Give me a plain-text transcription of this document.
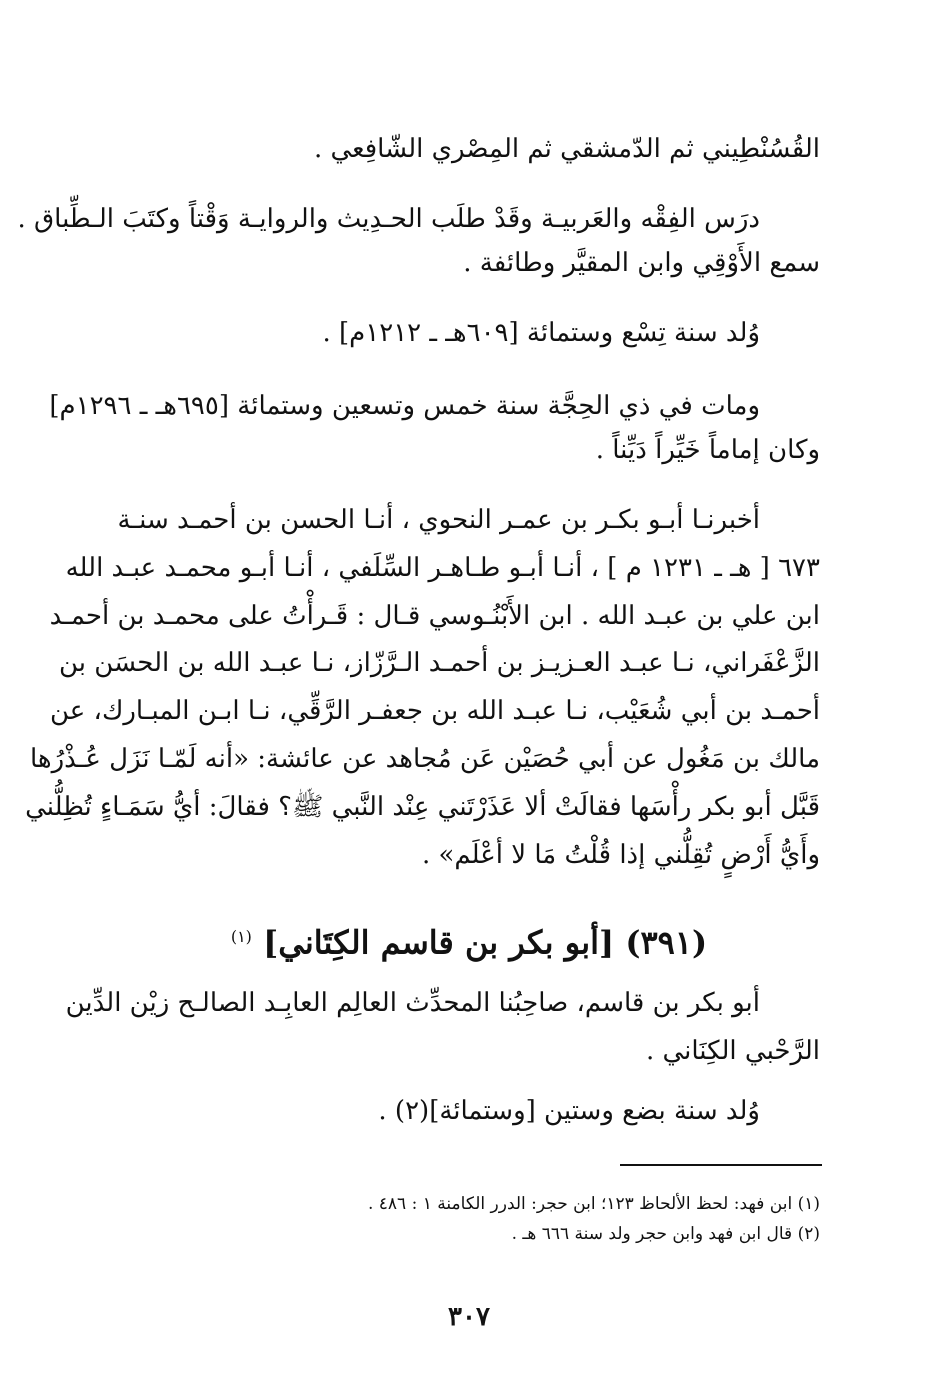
القُسُنْطِيني ثم الدّمشقي ثم المِصْري الشّافِعي .
درَس الفِقْه والعَربيـة وقَدْ طلَب الحـدِيث والروايـة وَقْتاً وكتَبَ الـطِّباق .
سمع الأَوْقِي وابن المقيَّر وطائفة .
وُلد سنة تِسْع وستمائة [٦٠٩هـ ـ ١٢١٢م] .
ومات في ذي الحِجَّة سنة خمس وتسعين وستمائة [٦٩٥هـ ـ ١٢٩٦م]
وكان إماماً خَيِّراً دَيِّناً .
أخبرنـا أبـو بكـر بن عمـر النحوي ، أنـا الحسن بن أحمـد سنـة
٦٧٣ [ هـ ـ ١٢٣١ م ] ، أنـا أبـو طـاهـر السِّلَفي ، أنـا أبـو محمـد عبـد الله
ابن علي بن عبـد الله . ابن الأَبْنُـوسي قـال : قَـرأْتُ على محمـد بن أحمـد
الزَّعْفَراني، نـا عبـد العـزيـز بن أحمـد الـرَّزّاز، نـا عبـد الله بن الحسَن بن
أحمـد بن أبي شُعَيْب، نـا عبـد الله بن جعفـر الرَّقِّي، نـا ابـن المبـارك، عن
مالك بن مَغُول عن أبي حُصَيْن عَن مُجاهد عن عائشة: «أنه لَمّـا نَزَل عُـذْرُها
قَبَّل أبو بكر رأْسَها فقالَتْ ألا عَذَرْتَني عِنْد النَّبي ﷺ؟ فقالَ: أيُّ سَمَـاءٍ تُظِلُّني
وأَيُّ أَرْضٍ تُقِلُّني إذا قُلْتُ مَا لا أعْلَم» .
(٣٩١) [أبو بكر بن قاسم الكِتَاني] $^{(١)}$
أبو بكر بن قاسم، صاحِبُنا المحدِّث العالِم العابِـد الصالـح زيْن الدِّين
الرَّحْبي الكِنَاني .
وُلد سنة بضع وستين [وستمائة](٢) .
(١) ابن فهد: لحظ الألحاظ ١٢٣؛ ابن حجر: الدرر الكامنة ١ : ٤٨٦ .
(٢) قال ابن فهد وابن حجر ولد سنة ٦٦٦ هـ .
٣٠٧
